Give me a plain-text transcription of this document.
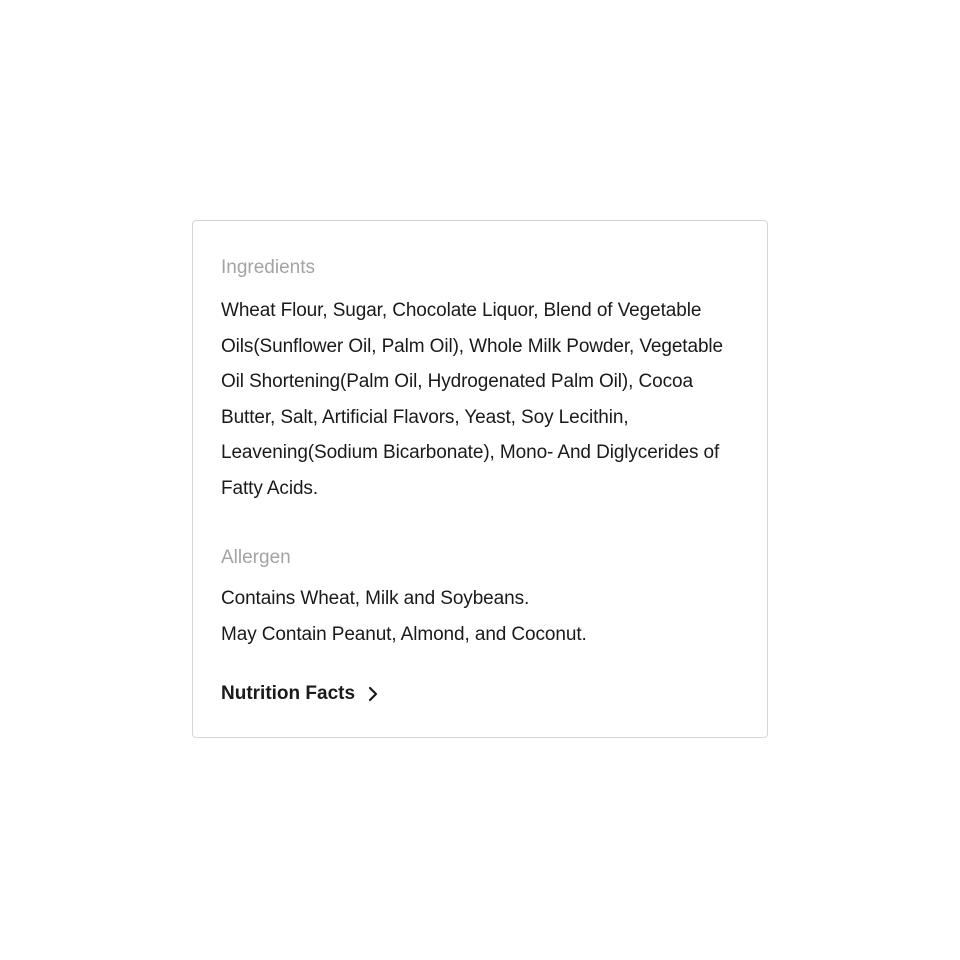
Ingredients

Wheat Flour, Sugar, Chocolate Liquor, Blend of Vegetable Oils(Sunflower Oil, Palm Oil), Whole Milk Powder, Vegetable Oil Shortening(Palm Oil, Hydrogenated Palm Oil), Cocoa Butter, Salt, Artificial Flavors, Yeast, Soy Lecithin, Leavening(Sodium Bicarbonate), Mono- And Diglycerides of Fatty Acids.

Allergen

Contains Wheat, Milk and Soybeans.
May Contain Peanut, Almond, and Coconut.

Nutrition Facts
